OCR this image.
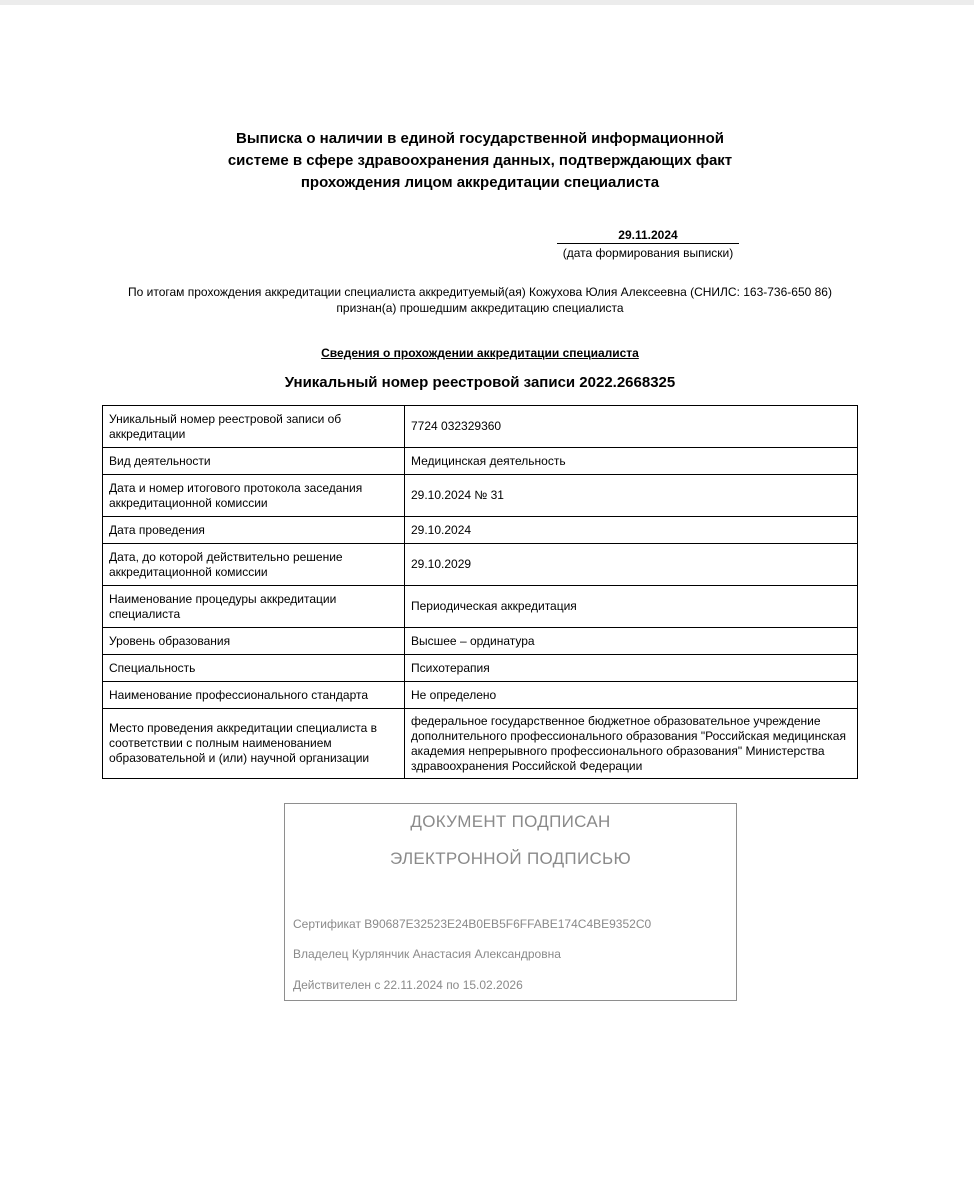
Выписка о наличии в единой государственной информационной
системе в сфере здравоохранения данных, подтверждающих факт
прохождения лицом аккредитации специалиста
29.11.2024
(дата формирования выписки)
По итогам прохождения аккредитации специалиста аккредитуемый(ая) Кожухова Юлия Алексеевна (СНИЛС: 163-736-650 86)
признан(а) прошедшим аккредитацию специалиста
Сведения о прохождении аккредитации специалиста
Уникальный номер реестровой записи 2022.2668325
Уникальный номер реестровой записи об аккредитации	7724 032329360
Вид деятельности	Медицинская деятельность
Дата и номер итогового протокола заседания аккредитационной комиссии	29.10.2024 № 31
Дата проведения	29.10.2024
Дата, до которой действительно решение аккредитационной комиссии	29.10.2029
Наименование процедуры аккредитации специалиста	Периодическая аккредитация
Уровень образования	Высшее – ординатура
Специальность	Психотерапия
Наименование профессионального стандарта	Не определено
Место проведения аккредитации специалиста в соответствии с полным наименованием образовательной и (или) научной организации	федеральное государственное бюджетное образовательное учреждение дополнительного профессионального образования "Российская медицинская академия непрерывного профессионального образования" Министерства здравоохранения Российской Федерации
ДОКУМЕНТ ПОДПИСАН
ЭЛЕКТРОННОЙ ПОДПИСЬЮ
Сертификат B90687E32523E24B0EB5F6FFABE174C4BE9352C0
Владелец Курлянчик Анастасия Александровна
Действителен с 22.11.2024 по 15.02.2026
